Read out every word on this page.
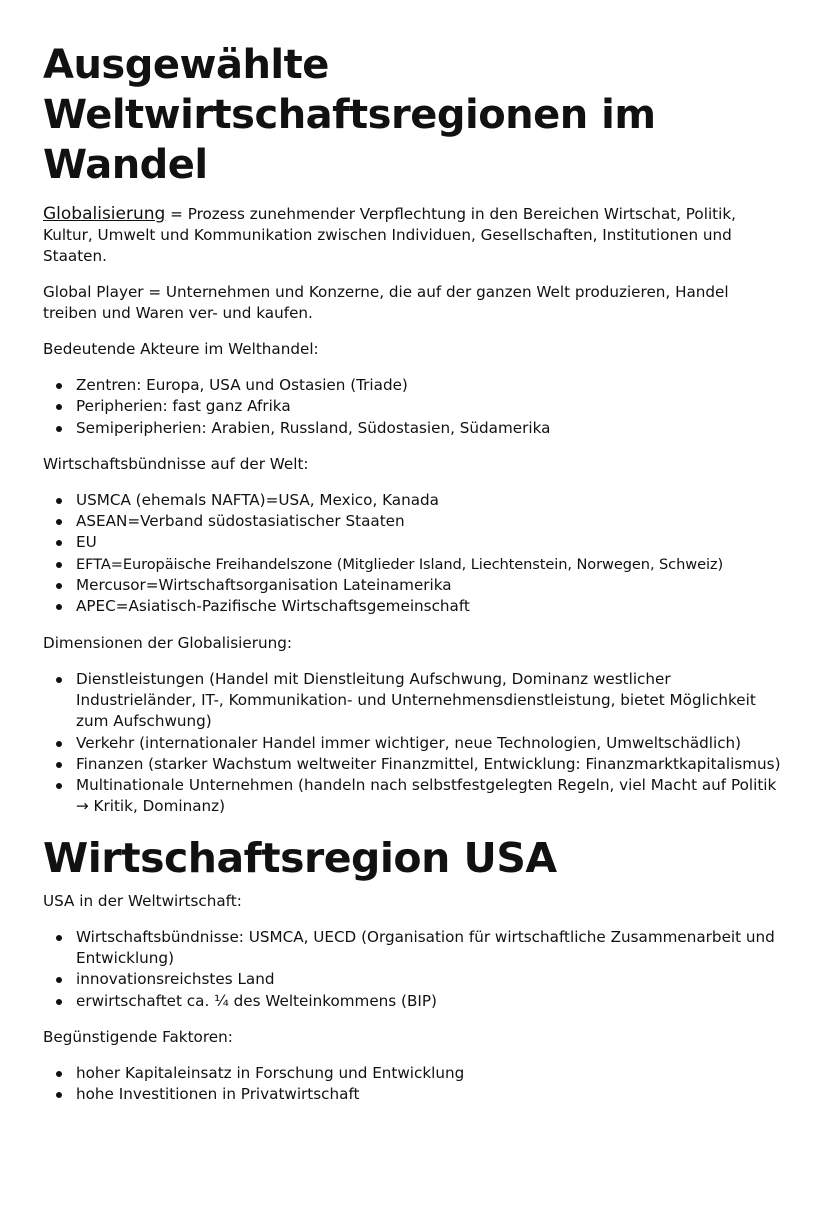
Ausgewählte Weltwirtschaftsregionen im Wandel

Globalisierung = Prozess zunehmender Verpflechtung in den Bereichen Wirtschat, Politik, Kultur, Umwelt und Kommunikation zwischen Individuen, Gesellschaften, Institutionen und Staaten.

Global Player = Unternehmen und Konzerne, die auf der ganzen Welt produzieren, Handel treiben und Waren ver- und kaufen.

Bedeutende Akteure im Welthandel:

Zentren: Europa, USA und Ostasien (Triade)
Peripherien: fast ganz Afrika
Semiperipherien: Arabien, Russland, Südostasien, Südamerika

Wirtschaftsbündnisse auf der Welt:

USMCA (ehemals NAFTA)=USA, Mexico, Kanada
ASEAN=Verband südostasiatischer Staaten
EU
EFTA=Europäische Freihandelszone (Mitglieder Island, Liechtenstein, Norwegen, Schweiz)
Mercusor=Wirtschaftsorganisation Lateinamerika
APEC=Asiatisch-Pazifische Wirtschaftsgemeinschaft

Dimensionen der Globalisierung:

Dienstleistungen (Handel mit Dienstleitung Aufschwung, Dominanz westlicher Industrieländer, IT-, Kommunikation- und Unternehmensdienstleistung, bietet Möglichkeit zum Aufschwung)
Verkehr (internationaler Handel immer wichtiger, neue Technologien, Umweltschädlich)
Finanzen (starker Wachstum weltweiter Finanzmittel, Entwicklung: Finanzmarktkapitalismus)
Multinationale Unternehmen (handeln nach selbstfestgelegten Regeln, viel Macht auf Politik → Kritik, Dominanz)
Wirtschaftsregion USA

USA in der Weltwirtschaft:

Wirtschaftsbündnisse: USMCA, UECD (Organisation für wirtschaftliche Zusammenarbeit und Entwicklung)
innovationsreichstes Land
erwirtschaftet ca. ¼ des Welteinkommens (BIP)

Begünstigende Faktoren:

hoher Kapitaleinsatz in Forschung und Entwicklung
hohe Investitionen in Privatwirtschaft
